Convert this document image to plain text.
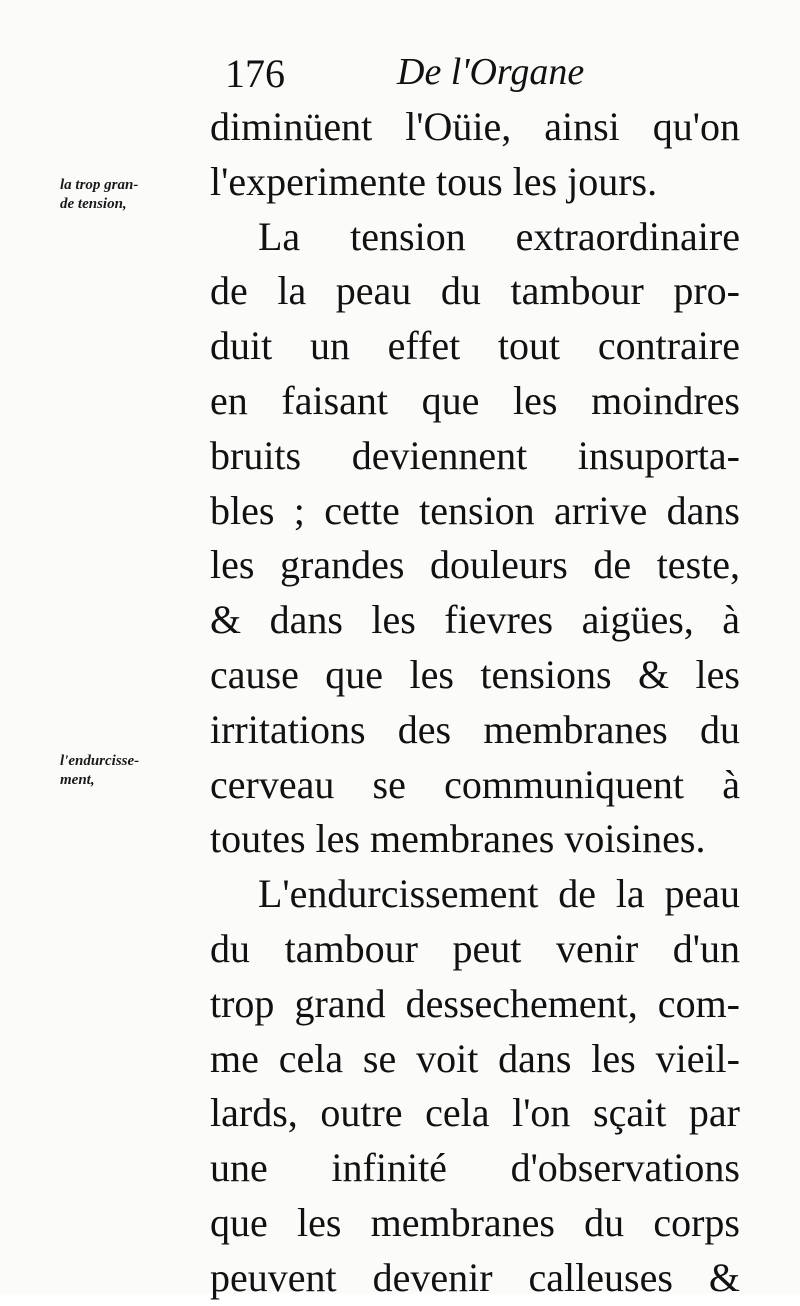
176	De l'Organe
la trop gran-
de tension,
l'endurcisse-
ment,
diminüent l'Oüie, ainsi qu'on
l'experimente tous les jours.
La tension extraordinaire
de la peau du tambour pro-
duit un effet tout contraire
en faisant que les moindres
bruits deviennent insuporta-
bles ; cette tension arrive dans
les grandes douleurs de teste,
& dans les fievres aigües, à
cause que les tensions & les
irritations des membranes du
cerveau se communiquent à
toutes les membranes voisines.
L'endurcissement de la peau
du tambour peut venir d'un
trop grand dessechement, com-
me cela se voit dans les vieil-
lards, outre cela l'on sçait par
une infinité d'observations
que les membranes du corps
peuvent devenir calleuses &
